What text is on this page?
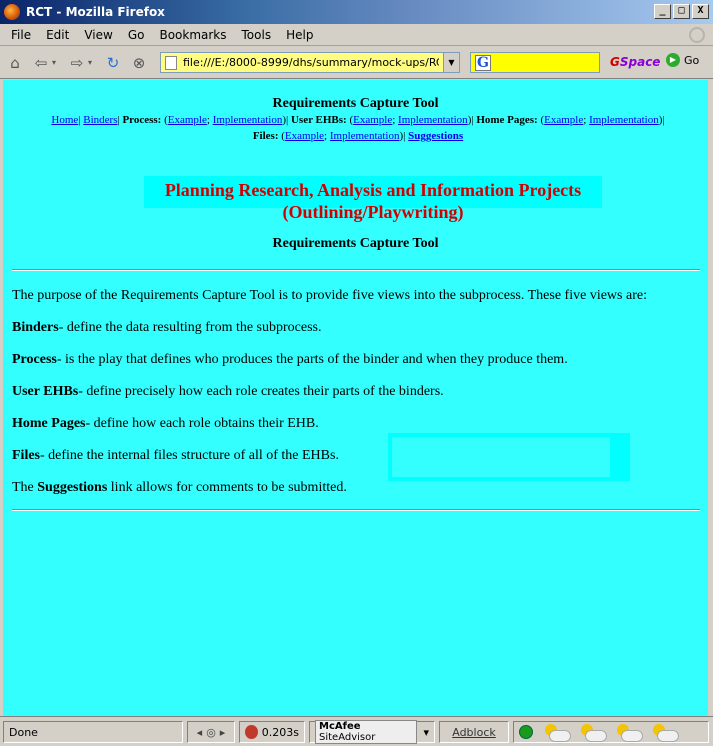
RCT - Mozilla Firefox	_	□	X
File	Edit	View	Go	Bookmarks	Tools	Help
⌂ ⇦ ▾ ⇨ ▾ ↻ ⊗
file:///E:/8000-8999/dhs/summary/mock-ups/RCT.htm	▼	G	GSpace	▶ Go
Requirements Capture Tool
Home| Binders| Process: (Example; Implementation)| User EHBs: (Example; Implementation)| Home Pages: (Example; Implementation)|
Files: (Example; Implementation)| Suggestions
Planning Research, Analysis and Information Projects
(Outlining/Playwriting)
Requirements Capture Tool

The purpose of the Requirements Capture Tool is to provide five views into the subprocess. These five views are:

Binders- define the data resulting from the subprocess.

Process- is the play that defines who produces the parts of the binder and when they produce them.

User EHBs- define precisely how each role creates their parts of the binders.

Home Pages- define how each role obtains their EHB.

Files- define the internal files structure of all of the EHBs.

The Suggestions link allows for comments to be submitted.

Done	◂ ◎ ▸	0.203s	McAfee SiteAdvisor	▾	Adblock
